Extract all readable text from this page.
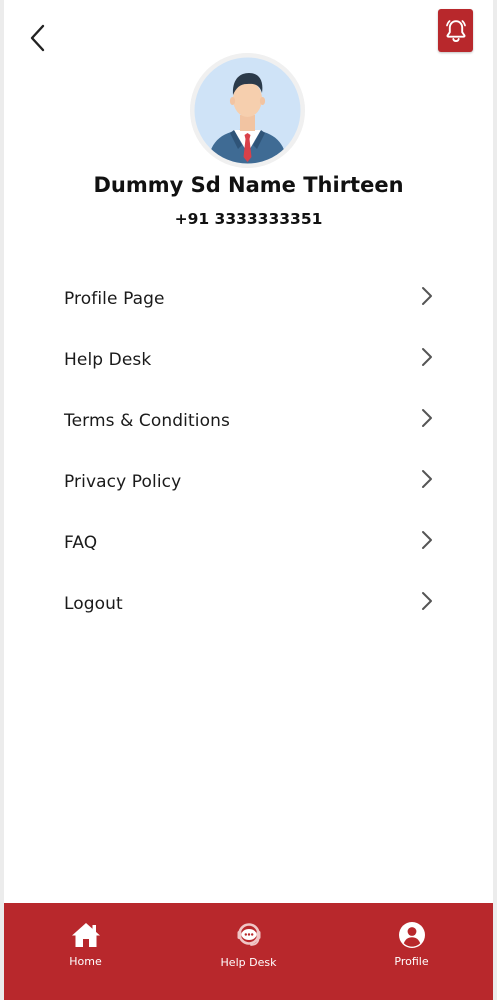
Dummy Sd Name Thirteen
+91 3333333351
Profile Page
Help Desk
Terms & Conditions
Privacy Policy
FAQ
Logout
Home	Help Desk	Profile
